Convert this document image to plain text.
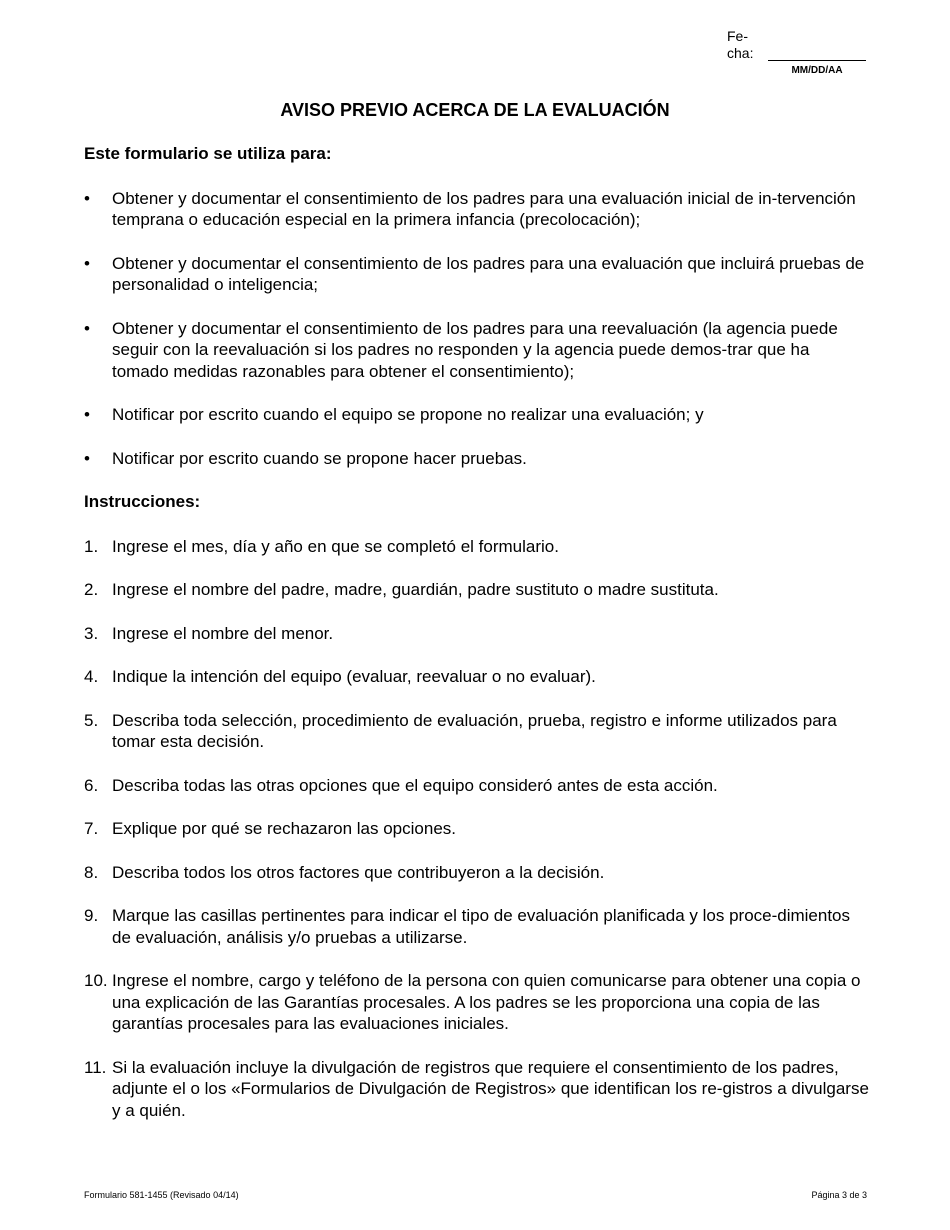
Fe-
cha:
MM/DD/AA
AVISO PREVIO ACERCA DE LA EVALUACIÓN
Este formulario se utiliza para:
•	Obtener y documentar el consentimiento de los padres para una evaluación inicial de in-tervención temprana o educación especial en la primera infancia (precolocación);
•	Obtener y documentar el consentimiento de los padres para una evaluación que incluirá pruebas de personalidad o inteligencia;
•	Obtener y documentar el consentimiento de los padres para una reevaluación (la agencia puede seguir con la reevaluación si los padres no responden y la agencia puede demos-trar que ha tomado medidas razonables para obtener el consentimiento);
•	Notificar por escrito cuando el equipo se propone no realizar una evaluación; y
•	Notificar por escrito cuando se propone hacer pruebas.
Instrucciones:
1. Ingrese el mes, día y año en que se completó el formulario.
2. Ingrese el nombre del padre, madre, guardián, padre sustituto o madre sustituta.
3. Ingrese el nombre del menor.
4. Indique la intención del equipo (evaluar, reevaluar o no evaluar).
5. Describa toda selección, procedimiento de evaluación, prueba, registro e informe utilizados para tomar esta decisión.
6. Describa todas las otras opciones que el equipo consideró antes de esta acción.
7. Explique por qué se rechazaron las opciones.
8. Describa todos los otros factores que contribuyeron a la decisión.
9. Marque las casillas pertinentes para indicar el tipo de evaluación planificada y los proce-dimientos de evaluación, análisis y/o pruebas a utilizarse.
10. Ingrese el nombre, cargo y teléfono de la persona con quien comunicarse para obtener una copia o una explicación de las Garantías procesales. A los padres se les proporciona una copia de las garantías procesales para las evaluaciones iniciales.
11. Si la evaluación incluye la divulgación de registros que requiere el consentimiento de los padres, adjunte el o los «Formularios de Divulgación de Registros» que identifican los re-gistros a divulgarse y a quién.
Formulario 581-1455 (Revisado 04/14)	Página 3 de 3
